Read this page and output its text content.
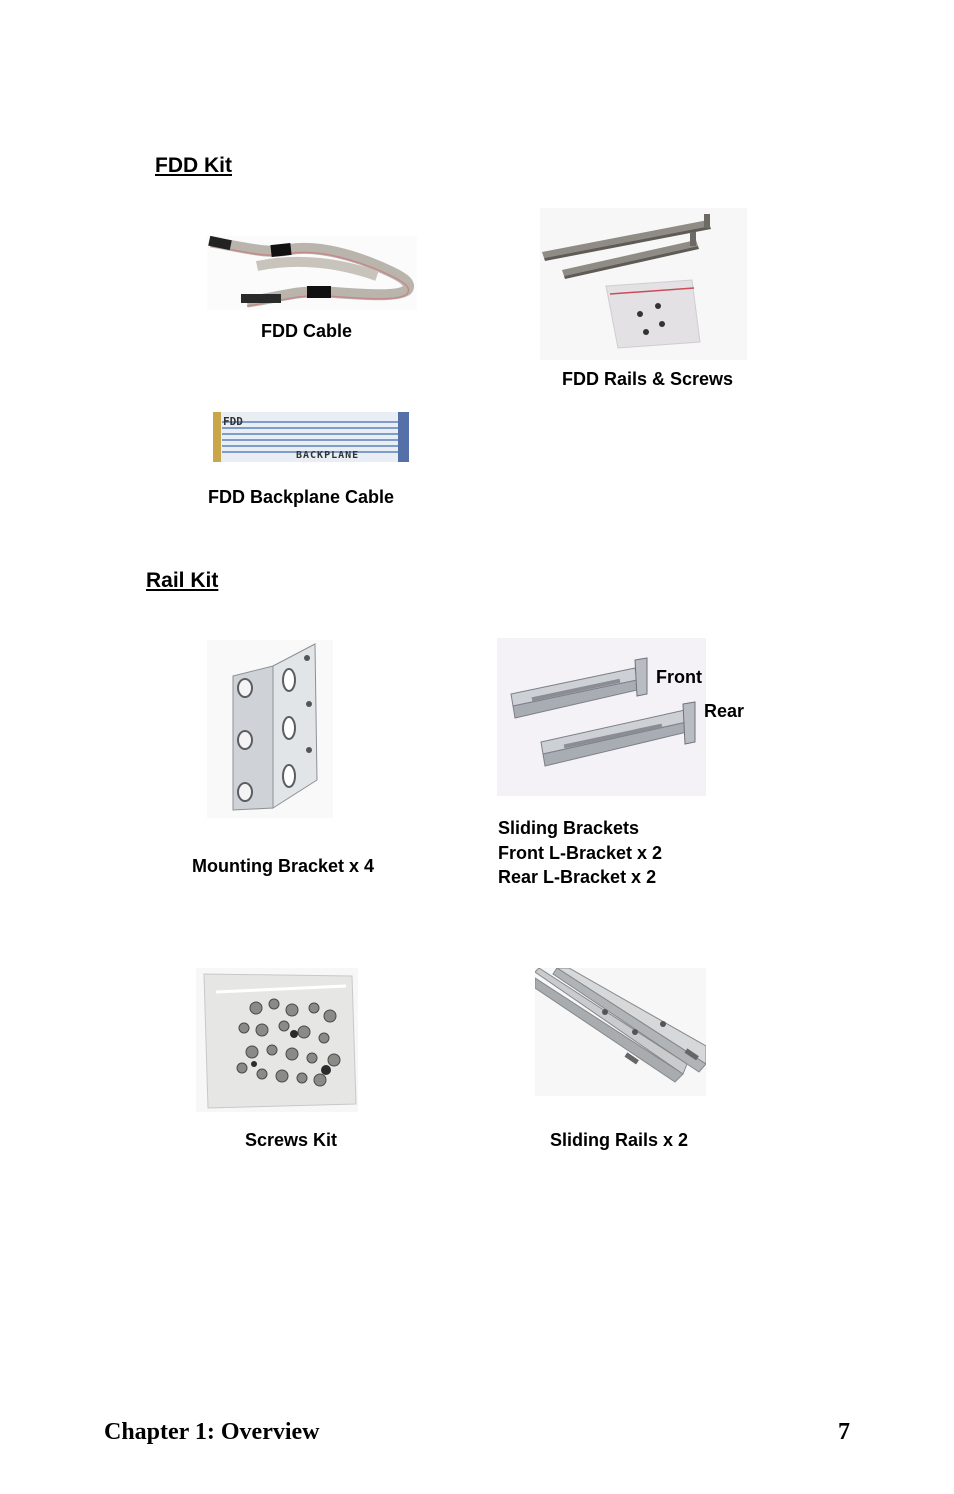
FDD Kit
FDD Cable
FDD Rails & Screws
FDD
BACKPLANE
FDD Backplane Cable
Rail Kit
Mounting Bracket x 4
Front
Rear
Sliding Brackets
Front L-Bracket x 2
Rear L-Bracket x 2
Screws Kit	Sliding Rails x 2
Chapter 1: Overview	7
